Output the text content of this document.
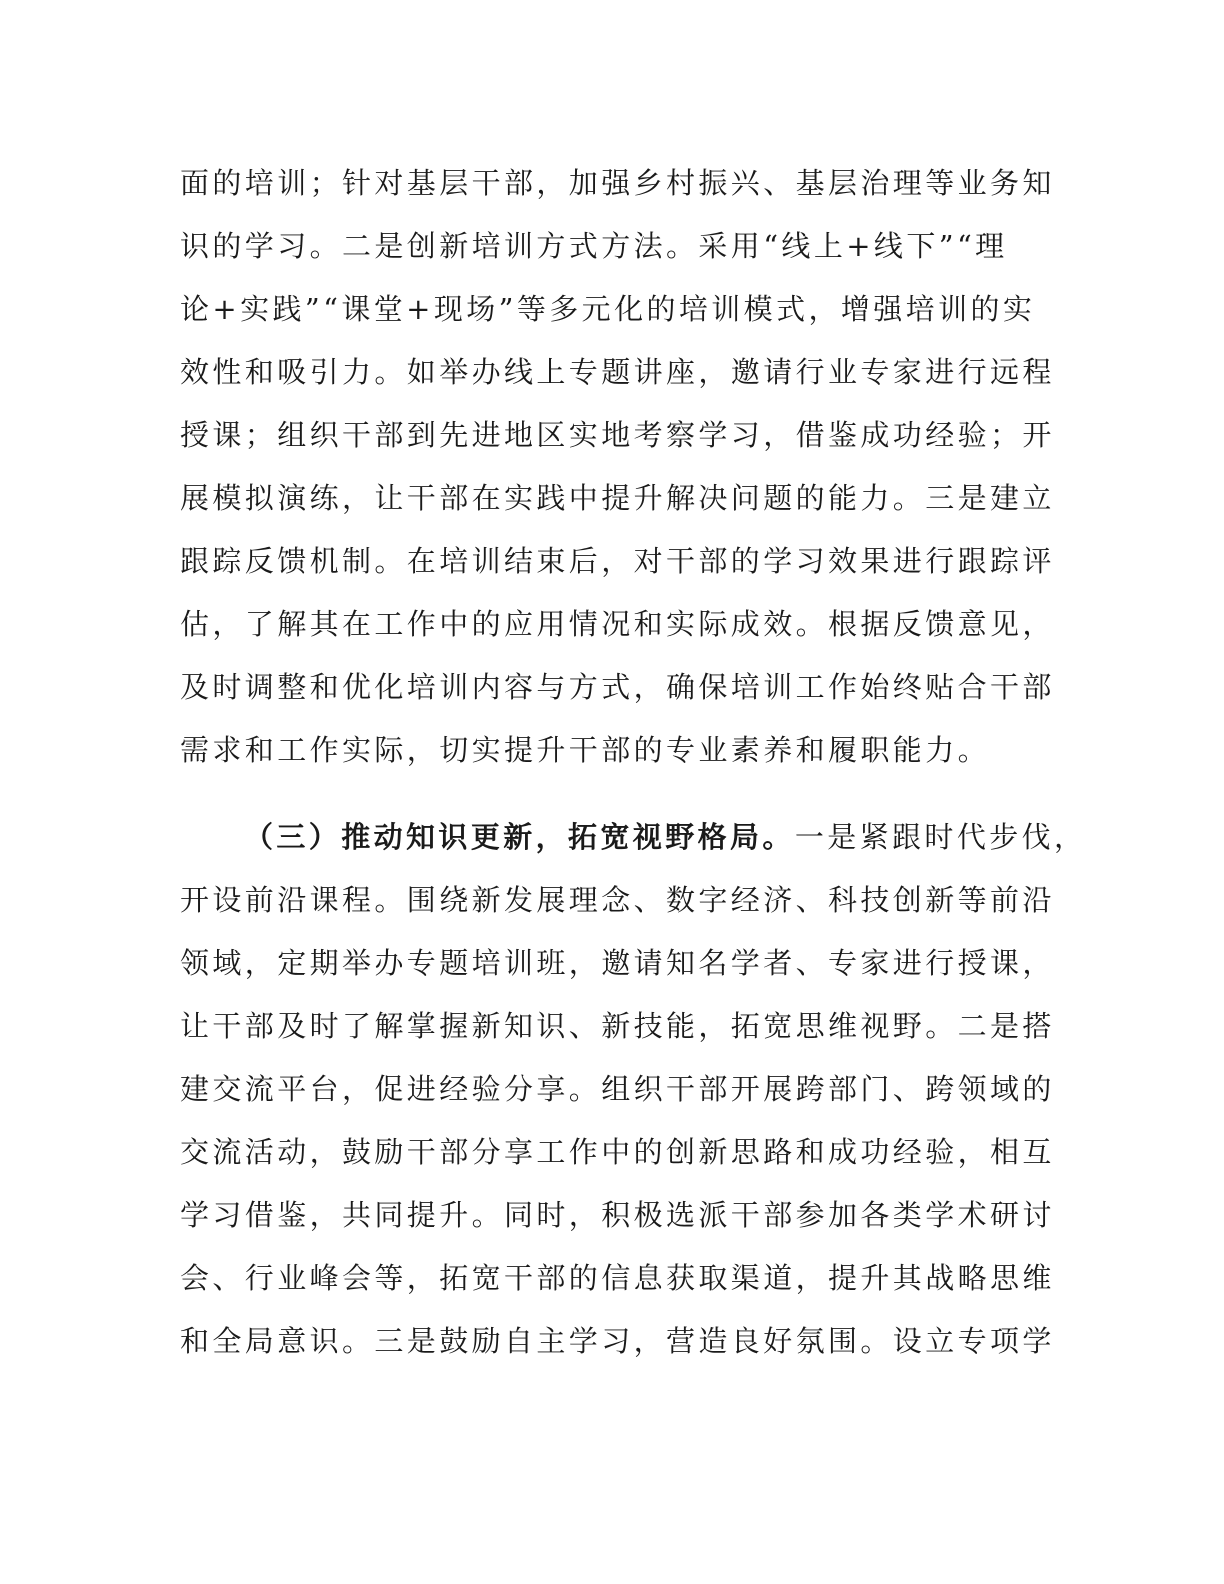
面的培训；针对基层干部，加强乡村振兴、基层治理等业务知
识的学习。二是创新培训方式方法。采用“线上+线下”“理
论+实践”“课堂+现场”等多元化的培训模式，增强培训的实
效性和吸引力。如举办线上专题讲座，邀请行业专家进行远程
授课；组织干部到先进地区实地考察学习，借鉴成功经验；开
展模拟演练，让干部在实践中提升解决问题的能力。三是建立
跟踪反馈机制。在培训结束后，对干部的学习效果进行跟踪评
估，了解其在工作中的应用情况和实际成效。根据反馈意见，
及时调整和优化培训内容与方式，确保培训工作始终贴合干部
需求和工作实际，切实提升干部的专业素养和履职能力。
（三）推动知识更新，拓宽视野格局。一是紧跟时代步伐，
开设前沿课程。围绕新发展理念、数字经济、科技创新等前沿
领域，定期举办专题培训班，邀请知名学者、专家进行授课，
让干部及时了解掌握新知识、新技能，拓宽思维视野。二是搭
建交流平台，促进经验分享。组织干部开展跨部门、跨领域的
交流活动，鼓励干部分享工作中的创新思路和成功经验，相互
学习借鉴，共同提升。同时，积极选派干部参加各类学术研讨
会、行业峰会等，拓宽干部的信息获取渠道，提升其战略思维
和全局意识。三是鼓励自主学习，营造良好氛围。设立专项学
